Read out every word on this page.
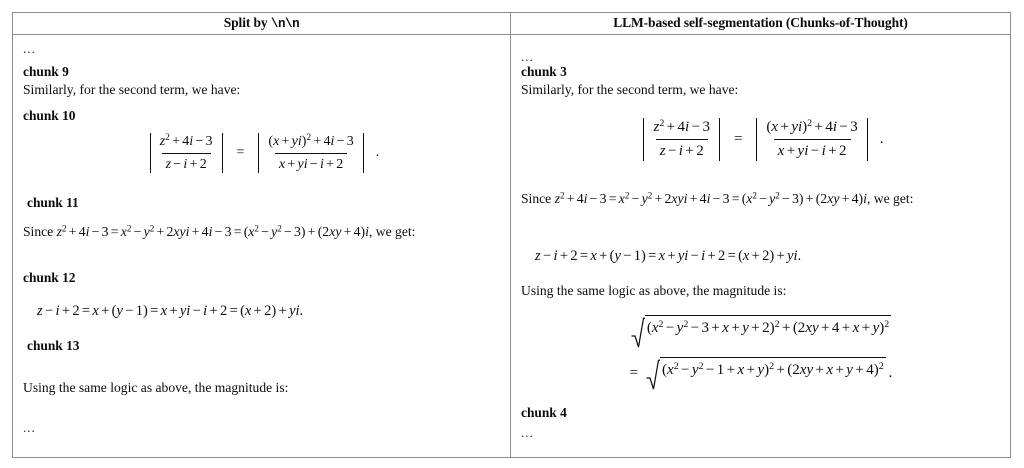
Split by \n\n	LLM-based self-segmentation (Chunks-of-Thought)

...
chunk 9
Similarly, for the second term, we have:
chunk 10
$\frac{z^2 + 4i - 3}{z - i + 2}$	=	$\frac{(x + yi)^2 + 4i - 3}{x + yi - i + 2}$	.
chunk 11
Since $z^2 + 4i - 3 = x^2 - y^2 + 2xyi + 4i - 3 = (x^2 - y^2 - 3) + (2xy + 4)i$, we get:
chunk 12
z − i + 2 = x + (y − 1) = x + yi − i + 2 = (x + 2) + yi.
chunk 13
Using the same logic as above, the magnitude is:
...

...
chunk 3
Similarly, for the second term, we have:
$\frac{z^2 + 4i - 3}{z - i + 2}$	=	$\frac{(x + yi)^2 + 4i - 3}{x + yi - i + 2}$	.
Since $z^2 + 4i - 3 = x^2 - y^2 + 2xyi + 4i - 3 = (x^2 - y^2 - 3) + (2xy + 4)i$, we get:
z − i + 2 = x + (y − 1) = x + yi − i + 2 = (x + 2) + yi.
Using the same logic as above, the magnitude is:
$(x^2 - y^2 - 3 + x + y + 2)^2 + (2xy + 4 + x + y)^2$
=	$(x^2 - y^2 - 1 + x + y)^2 + (2xy + x + y + 4)^2$ .
chunk 4
...
